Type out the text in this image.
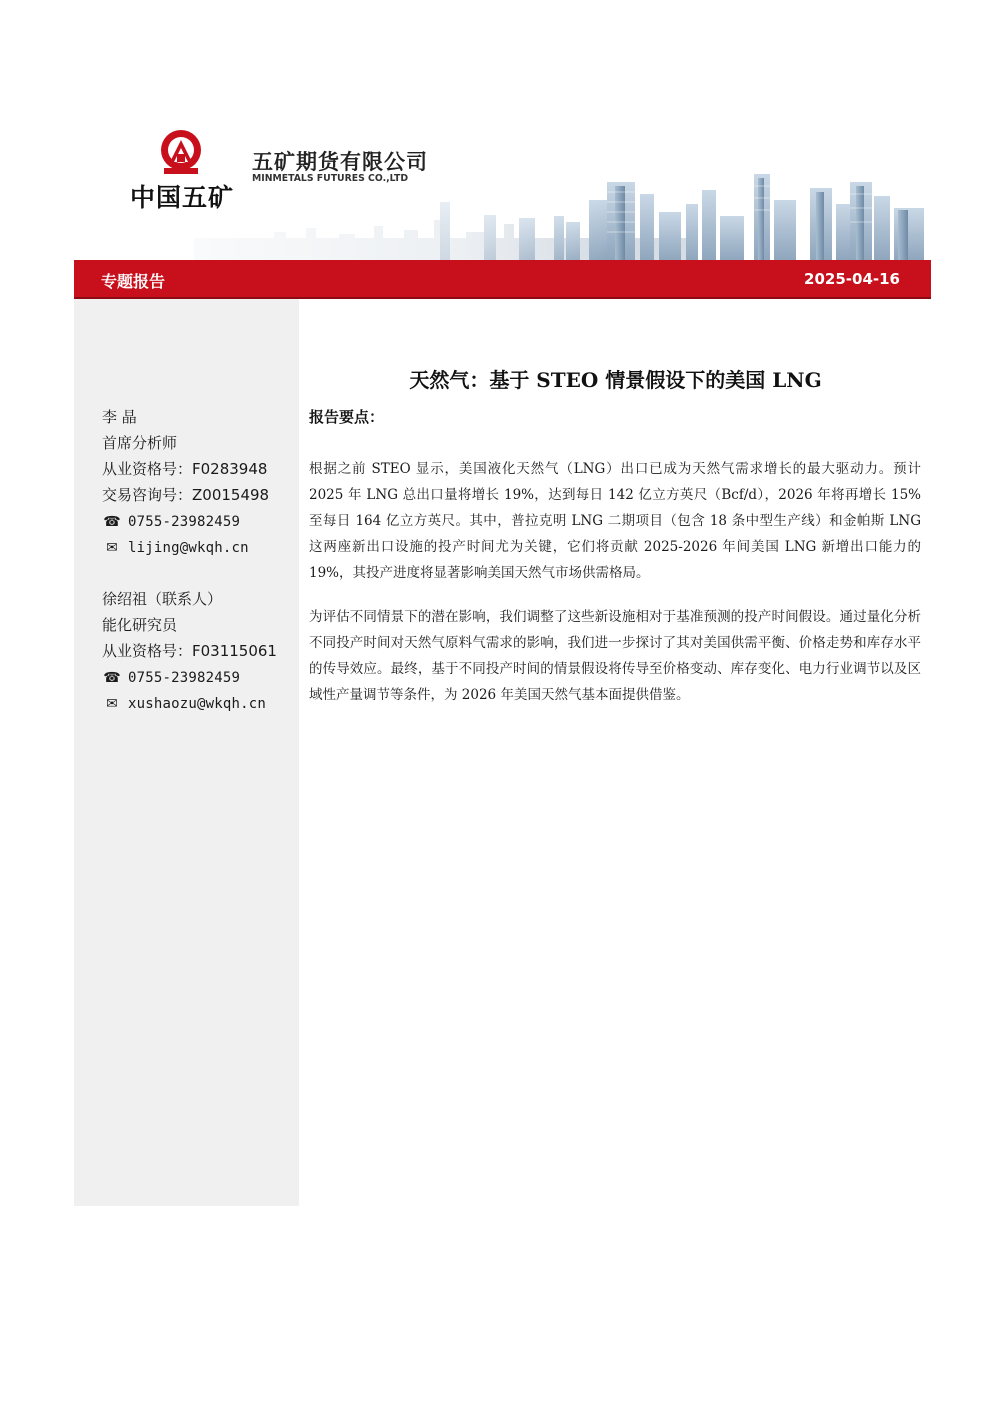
中国五矿
五矿期货有限公司
MINMETALS FUTURES CO.,LTD
专题报告	2025-04-16
李 晶
首席分析师
从业资格号：F0283948
交易咨询号：Z0015498
☎ 0755-23982459
✉ lijing@wkqh.cn
徐绍祖（联系人）
能化研究员
从业资格号：F03115061
☎ 0755-23982459
✉ xushaozu@wkqh.cn
天然气：基于 STEO 情景假设下的美国 LNG
报告要点：

根据之前 STEO 显示，美国液化天然气（LNG）出口已成为天然气需求增长的最大驱动力。预计 2025 年 LNG 总出口量将增长 19%，达到每日 142 亿立方英尺（Bcf/d），2026 年将再增长 15%至每日 164 亿立方英尺。其中，普拉克明 LNG 二期项目（包含 18 条中型生产线）和金帕斯 LNG 这两座新出口设施的投产时间尤为关键，它们将贡献 2025-2026 年间美国 LNG 新增出口能力的 19%，其投产进度将显著影响美国天然气市场供需格局。

为评估不同情景下的潜在影响，我们调整了这些新设施相对于基准预测的投产时间假设。通过量化分析不同投产时间对天然气原料气需求的影响，我们进一步探讨了其对美国供需平衡、价格走势和库存水平的传导效应。最终，基于不同投产时间的情景假设将传导至价格变动、库存变化、电力行业调节以及区域性产量调节等条件，为 2026 年美国天然气基本面提供借鉴。
